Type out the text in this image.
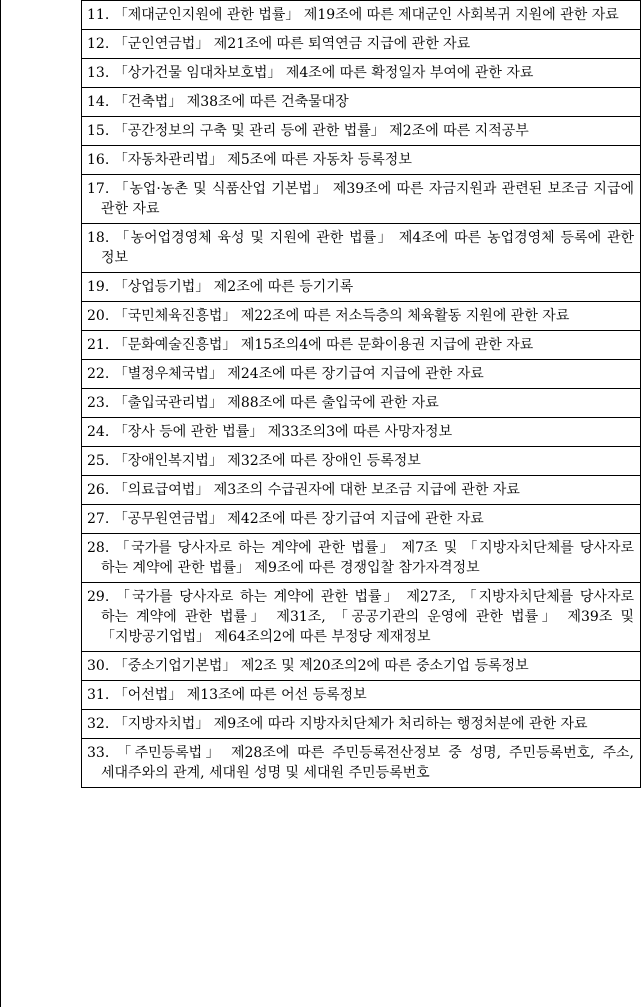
11. 「제대군인지원에 관한 법률」 제19조에 따른 제대군인 사회복귀 지원에 관한 자료

12. 「군인연금법」 제21조에 따른 퇴역연금 지급에 관한 자료

13. 「상가건물 임대차보호법」 제4조에 따른 확정일자 부여에 관한 자료

14. 「건축법」 제38조에 따른 건축물대장

15. 「공간정보의 구축 및 관리 등에 관한 법률」 제2조에 따른 지적공부

16. 「자동차관리법」 제5조에 따른 자동차 등록정보

17. 「농업·농촌 및 식품산업 기본법」 제39조에 따른 자금지원과 관련된 보조금 지급에 관한 자료

18. 「농어업경영체 육성 및 지원에 관한 법률」 제4조에 따른 농업경영체 등록에 관한 정보

19. 「상업등기법」 제2조에 따른 등기기록

20. 「국민체육진흥법」 제22조에 따른 저소득층의 체육활동 지원에 관한 자료

21. 「문화예술진흥법」 제15조의4에 따른 문화이용권 지급에 관한 자료

22. 「별정우체국법」 제24조에 따른 장기급여 지급에 관한 자료

23. 「출입국관리법」 제88조에 따른 출입국에 관한 자료

24. 「장사 등에 관한 법률」 제33조의3에 따른 사망자정보

25. 「장애인복지법」 제32조에 따른 장애인 등록정보

26. 「의료급여법」 제3조의 수급권자에 대한 보조금 지급에 관한 자료

27. 「공무원연금법」 제42조에 따른 장기급여 지급에 관한 자료

28. 「국가를 당사자로 하는 계약에 관한 법률」 제7조 및 「지방자치단체를 당사자로 하는 계약에 관한 법률」 제9조에 따른 경쟁입찰 참가자격정보

29. 「국가를 당사자로 하는 계약에 관한 법률」 제27조, 「지방자치단체를 당사자로 하는 계약에 관한 법률」 제31조, 「공공기관의 운영에 관한 법률」 제39조 및 「지방공기업법」 제64조의2에 따른 부정당 제재정보

30. 「중소기업기본법」 제2조 및 제20조의2에 따른 중소기업 등록정보

31. 「어선법」 제13조에 따른 어선 등록정보

32. 「지방자치법」 제9조에 따라 지방자치단체가 처리하는 행정처분에 관한 자료

33. 「주민등록법」 제28조에 따른 주민등록전산정보 중 성명, 주민등록번호, 주소, 세대주와의 관계, 세대원 성명 및 세대원 주민등록번호
